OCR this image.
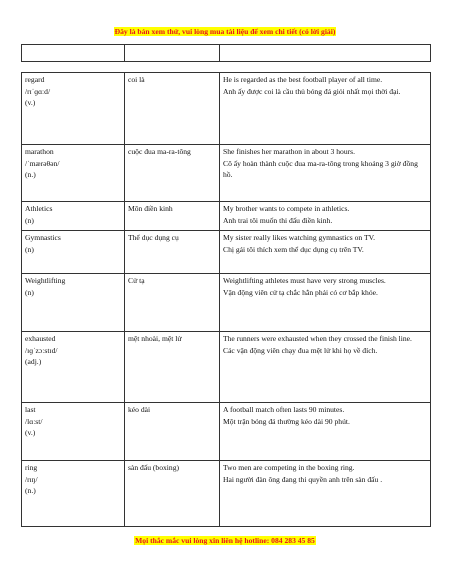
Đây là bản xem thử, vui lòng mua tài liệu để xem chi tiết (có lời giải)

regard
/rɪˈɡɑːd/
(v.)	coi là	He is regarded as the best football player of all time.
Anh ấy được coi là cầu thủ bóng đá giỏi nhất mọi thời đại.

marathon
/ˈmærəθən/
(n.)	cuộc đua ma-ra-tông	She finishes her marathon in about 3 hours.
Cô ấy hoàn thành cuộc đua ma-ra-tông trong khoảng 3 giờ đồng hồ.

Athletics
(n)	Môn điền kinh	My brother wants to compete in athletics.
Anh trai tôi muốn thi đấu điền kinh.

Gymnastics
(n)	Thể dục dụng cụ	My sister really likes watching gymnastics on TV.
Chị gái tôi thích xem thể dục dụng cụ trên TV.

Weightlifting
(n)	Cử tạ	Weightlifting athletes must have very strong muscles.
Vận động viên cử tạ chắc hẳn phải có cơ bắp khỏe.

exhausted
/ɪɡˈzɔːstɪd/
(adj.)	mệt nhoài, mệt lử	The runners were exhausted when they crossed the finish line.
Các vận động viên chạy đua mệt lử khi họ về đích.

last
/lɑːst/
(v.)	kéo dài	A football match often lasts 90 minutes.
Một trận bóng đá thường kéo dài 90 phút.

ring
/rɪŋ/
(n.)	sàn đấu (boxing)	Two men are competing in the boxing ring.
Hai người đàn ông đang thi quyền anh trên sàn đấu .
Mọi thắc mắc vui lòng xin liên hệ hotline: 084 283 45 85
